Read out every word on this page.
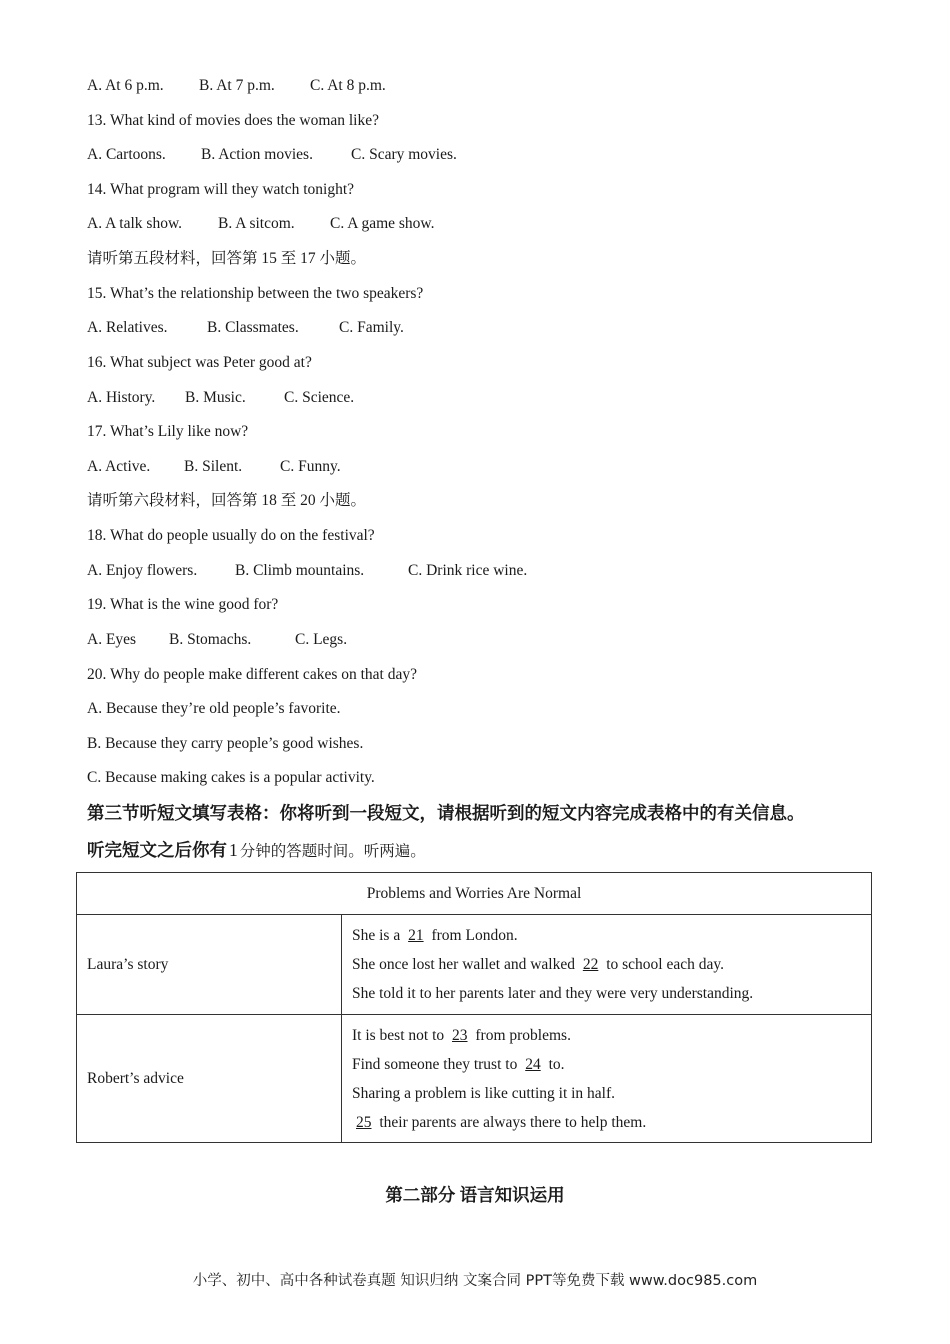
A. At 6 p.m. B. At 7 p.m. C. At 8 p.m.
13. What kind of movies does the woman like?
A. Cartoons. B. Action movies. C. Scary movies.
14. What program will they watch tonight?
A. A talk show. B. A sitcom. C. A game show.
请听第五段材料，回答第 15 至 17 小题。
15. What’s the relationship between the two speakers?
A. Relatives.	B. Classmates.	C. Family.
16. What subject was Peter good at?
A. History. B. Music. C. Science.
17. What’s Lily like now?
A. Active. B. Silent. C. Funny.
请听第六段材料，回答第 18 至 20 小题。
18. What do people usually do on the festival?
A. Enjoy flowers. B. Climb mountains.	C. Drink rice wine.
19. What is the wine good for?
A. Eyes B. Stomachs.	C. Legs.
20. Why do people make different cakes on that day?
A. Because they’re old people’s favorite.
B. Because they carry people’s good wishes.
C. Because making cakes is a popular activity.
第三节听短文填写表格：你将听到一段短文，请根据听到的短文内容完成表格中的有关信息。
听完短文之后你有 1 分钟的答题时间。听两遍。
Problems and Worries Are Normal	
Laura’s story	She is a 21 from London.
She once lost her wallet and walked 22 to school each day.
She told it to her parents later and they were very understanding.

Robert’s advice	It is best not to 23 from problems.
Find someone they trust to 24 to.
Sharing a problem is like cutting it in half.
25 their parents are always there to help them.
第二部分 语言知识运用
小学、初中、高中各种试卷真题 知识归纳 文案合同 PPT等免费下载 www.doc985.com
